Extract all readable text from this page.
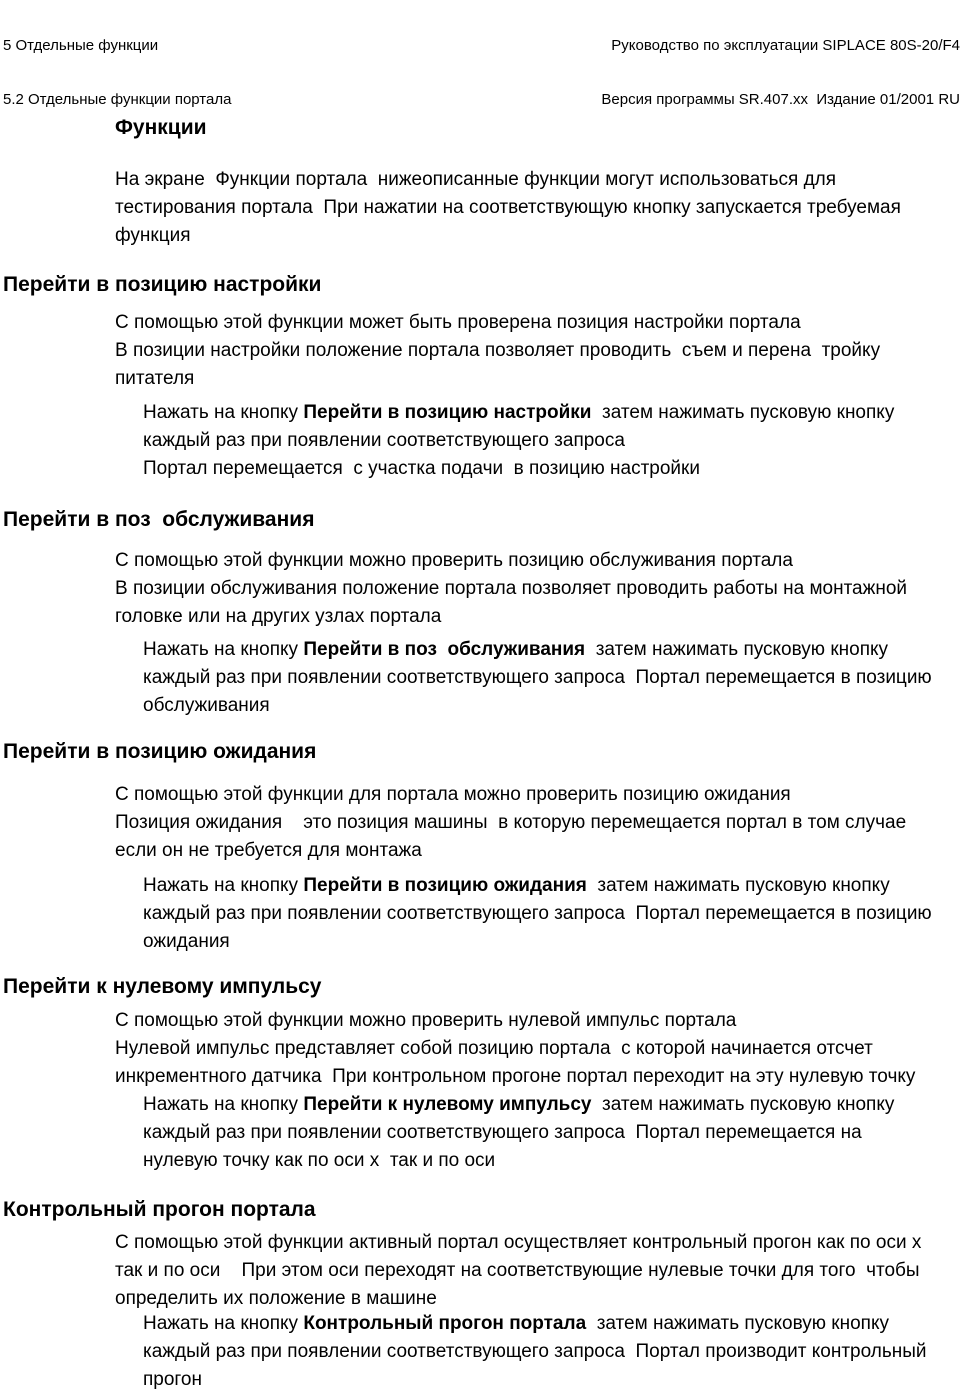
5 Отдельные функции

5.2 Отдельные функции портала

Руководство по эксплуатации SIPLACE 80S-20/F4

Версия программы SR.407.xx  Издание 01/2001 RU

Функции
На экране  Функции портала  нижеописанные функции могут использоваться для
тестирования портала  При нажатии на соответствующую кнопку запускается требуемая
функция
Перейти в позицию настройки
С помощью этой функции может быть проверена позиция настройки портала
В позиции настройки положение портала позволяет проводить  съем и перена  тройку
питателя
Нажать на кнопку Перейти в позицию настройки  затем нажимать пусковую кнопку
каждый раз при появлении соответствующего запроса
Портал перемещается  с участка подачи  в позицию настройки
Перейти в поз  обслуживания
С помощью этой функции можно проверить позицию обслуживания портала
В позиции обслуживания положение портала позволяет проводить работы на монтажной
головке или на других узлах портала
Нажать на кнопку Перейти в поз  обслуживания  затем нажимать пусковую кнопку
каждый раз при появлении соответствующего запроса  Портал перемещается в позицию
обслуживания
Перейти в позицию ожидания
С помощью этой функции для портала можно проверить позицию ожидания
Позиция ожидания    это позиция машины  в которую перемещается портал в том случае
если он не требуется для монтажа
Нажать на кнопку Перейти в позицию ожидания  затем нажимать пусковую кнопку
каждый раз при появлении соответствующего запроса  Портал перемещается в позицию
ожидания
Перейти к нулевому импульсу
С помощью этой функции можно проверить нулевой импульс портала
Нулевой импульс представляет собой позицию портала  с которой начинается отсчет
инкрементного датчика  При контрольном прогоне портал переходит на эту нулевую точку
Нажать на кнопку Перейти к нулевому импульсу  затем нажимать пусковую кнопку
каждый раз при появлении соответствующего запроса  Портал перемещается на
нулевую точку как по оси x  так и по оси
Контрольный прогон портала
С помощью этой функции активный портал осуществляет контрольный прогон как по оси x
так и по оси    При этом оси переходят на соответствующие нулевые точки для того  чтобы
определить их положение в машине
Нажать на кнопку Контрольный прогон портала  затем нажимать пусковую кнопку
каждый раз при появлении соответствующего запроса  Портал производит контрольный
прогон
